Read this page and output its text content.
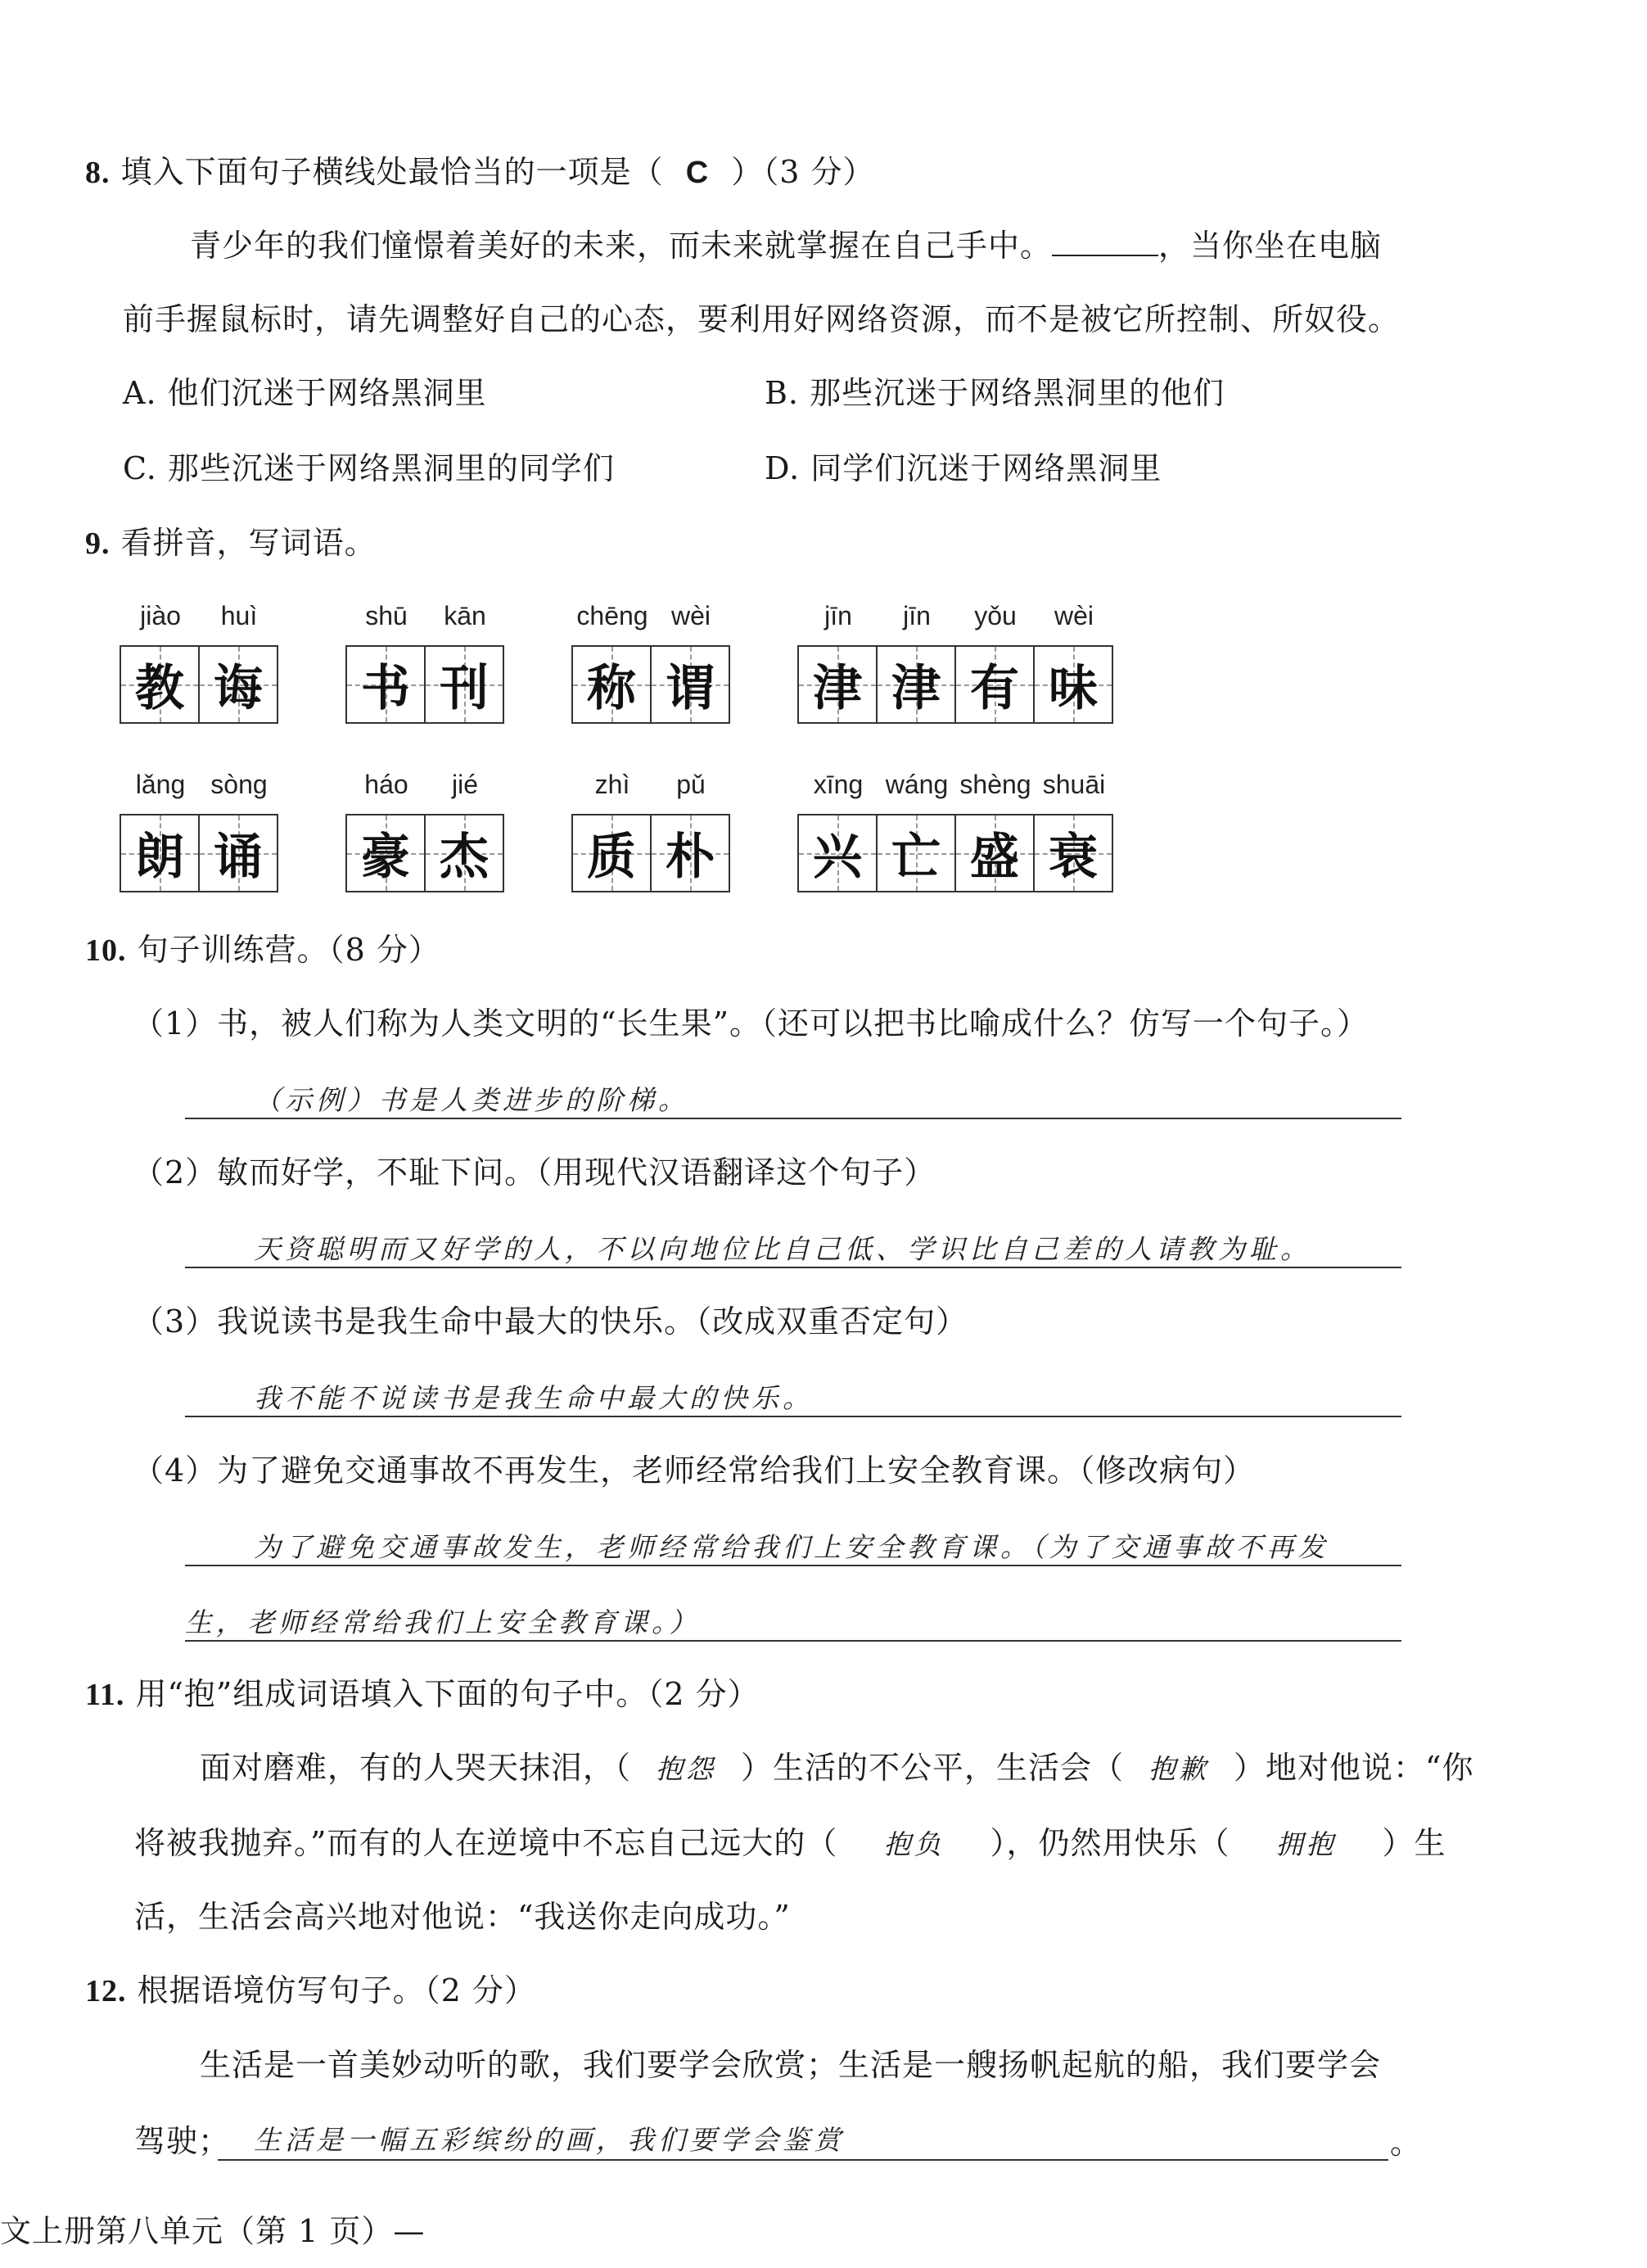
8. 填入下面句子横线处最恰当的一项是（ C ）（3 分）
青少年的我们憧憬着美好的未来，而未来就掌握在自己手中。	，当你坐在电脑
前手握鼠标时，请先调整好自己的心态，要利用好网络资源，而不是被它所控制、所奴役。
A. 他们沉迷于网络黑洞里	B. 那些沉迷于网络黑洞里的他们
C. 那些沉迷于网络黑洞里的同学们	D. 同学们沉迷于网络黑洞里
9. 看拼音，写词语。
jiào	huì
教 诲
shū	kān
书 刊
chēng wèi
称 谓
jīn	jīn	yǒu	wèi
津 津 有 味
lǎng sòng
朗 诵
háo	jié
豪 杰
zhì	pǔ
质 朴
xīng wáng shèng shuāi
兴 亡 盛 衰
10. 句子训练营。（8 分）
（1）书，被人们称为人类文明的“长生果”。（还可以把书比喻成什么？仿写一个句子。）
（示例）书是人类进步的阶梯。
（2）敏而好学，不耻下问。（用现代汉语翻译这个句子）
天资聪明而又好学的人，不以向地位比自己低、学识比自己差的人请教为耻。
（3）我说读书是我生命中最大的快乐。（改成双重否定句）
我不能不说读书是我生命中最大的快乐。
（4）为了避免交通事故不再发生，老师经常给我们上安全教育课。（修改病句）
为了避免交通事故发生，老师经常给我们上安全教育课。（为了交通事故不再发
生，老师经常给我们上安全教育课。）
11. 用“抱”组成词语填入下面的句子中。（2 分）
面对磨难，有的人哭天抹泪，（ 抱怨 ）生活的不公平，生活会（ 抱歉 ）地对他说：“你
将被我抛弃。”而有的人在逆境中不忘自己远大的（ 抱负 ），仍然用快乐（ 拥抱 ）生
活，生活会高兴地对他说：“我送你走向成功。”
12. 根据语境仿写句子。（2 分）
生活是一首美妙动听的歌，我们要学会欣赏；生活是一艘扬帆起航的船，我们要学会
驾驶； 生活是一幅五彩缤纷的画，我们要学会鉴赏	。
文上册第八单元（第 1 页）—
